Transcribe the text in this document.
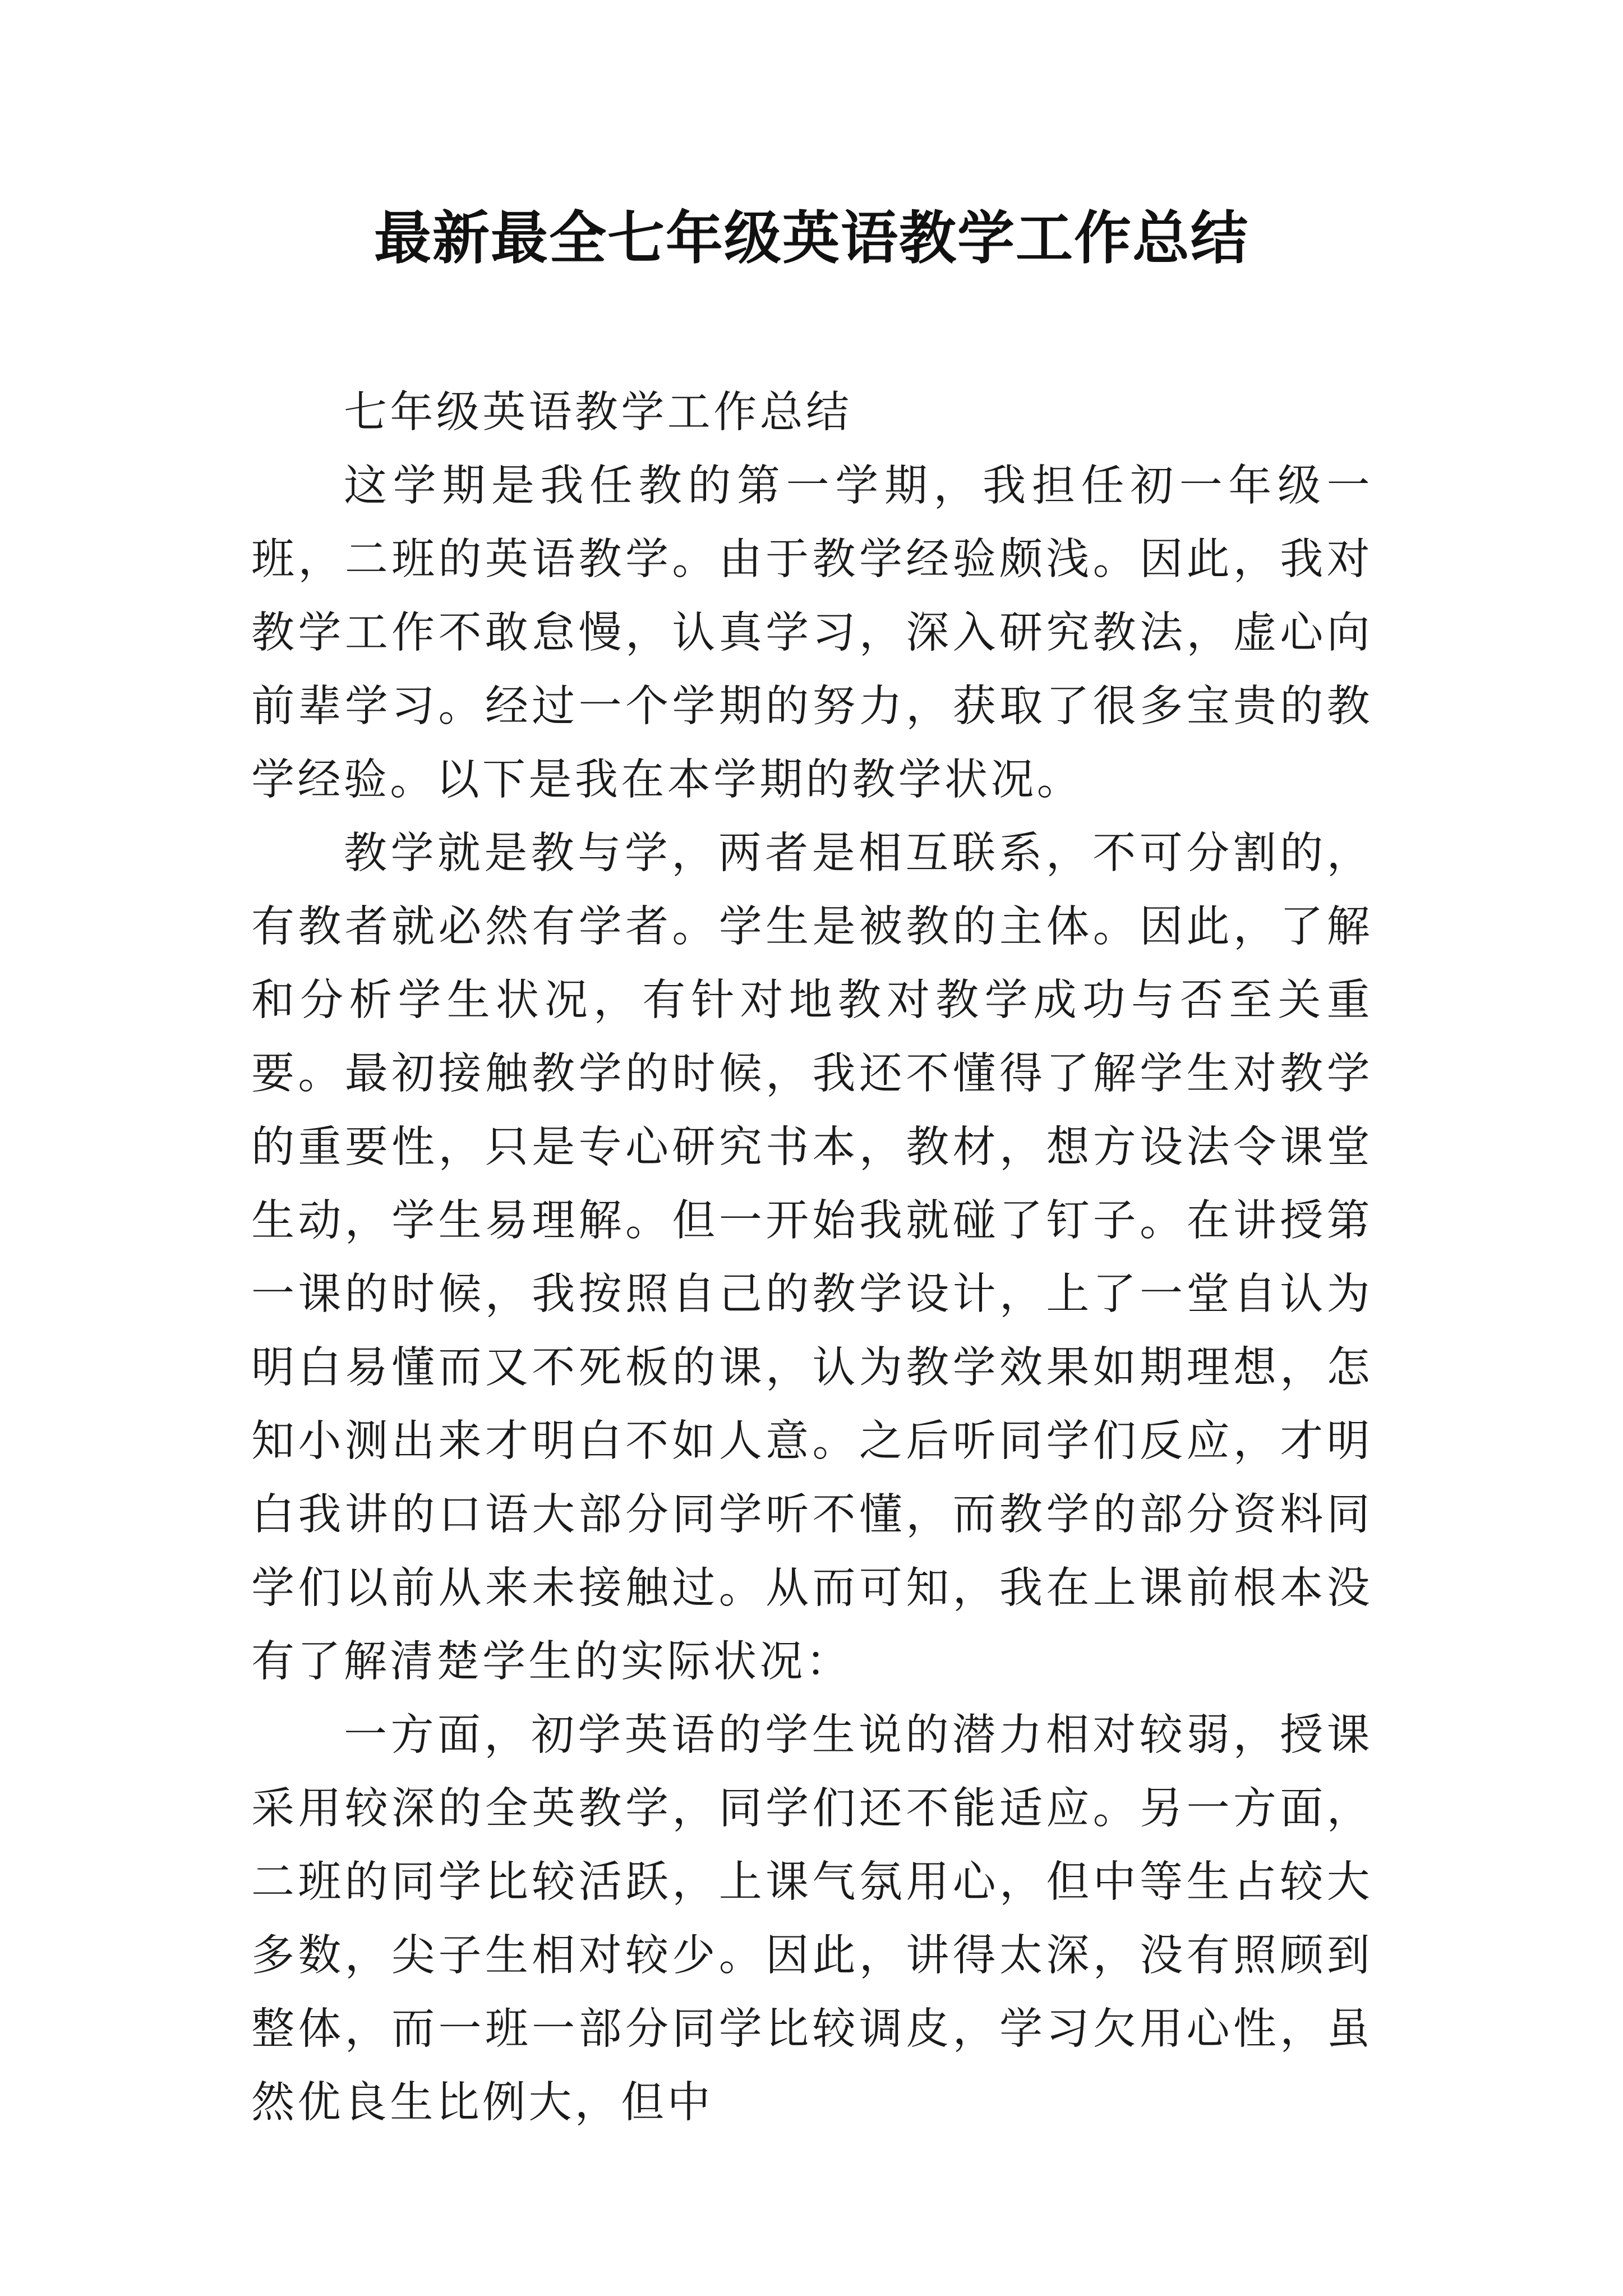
最新最全七年级英语教学工作总结

七年级英语教学工作总结

这学期是我任教的第一学期，我担任初一年级一班，二班的英语教学。由于教学经验颇浅。因此，我对教学工作不敢怠慢，认真学习，深入研究教法，虚心向前辈学习。经过一个学期的努力，获取了很多宝贵的教学经验。以下是我在本学期的教学状况。

教学就是教与学，两者是相互联系，不可分割的，有教者就必然有学者。学生是被教的主体。因此，了解和分析学生状况，有针对地教对教学成功与否至关重要。最初接触教学的时候，我还不懂得了解学生对教学的重要性，只是专心研究书本，教材，想方设法令课堂生动，学生易理解。但一开始我就碰了钉子。在讲授第一课的时候，我按照自己的教学设计，上了一堂自认为明白易懂而又不死板的课，认为教学效果如期理想，怎知小测出来才明白不如人意。之后听同学们反应，才明白我讲的口语大部分同学听不懂，而教学的部分资料同学们以前从来未接触过。从而可知，我在上课前根本没有了解清楚学生的实际状况：

一方面，初学英语的学生说的潜力相对较弱，授课采用较深的全英教学，同学们还不能适应。另一方面，二班的同学比较活跃，上课气氛用心，但中等生占较大多数，尖子生相对较少。因此，讲得太深，没有照顾到整体，而一班一部分同学比较调皮，学习欠用心性，虽然优良生比例大，但中
